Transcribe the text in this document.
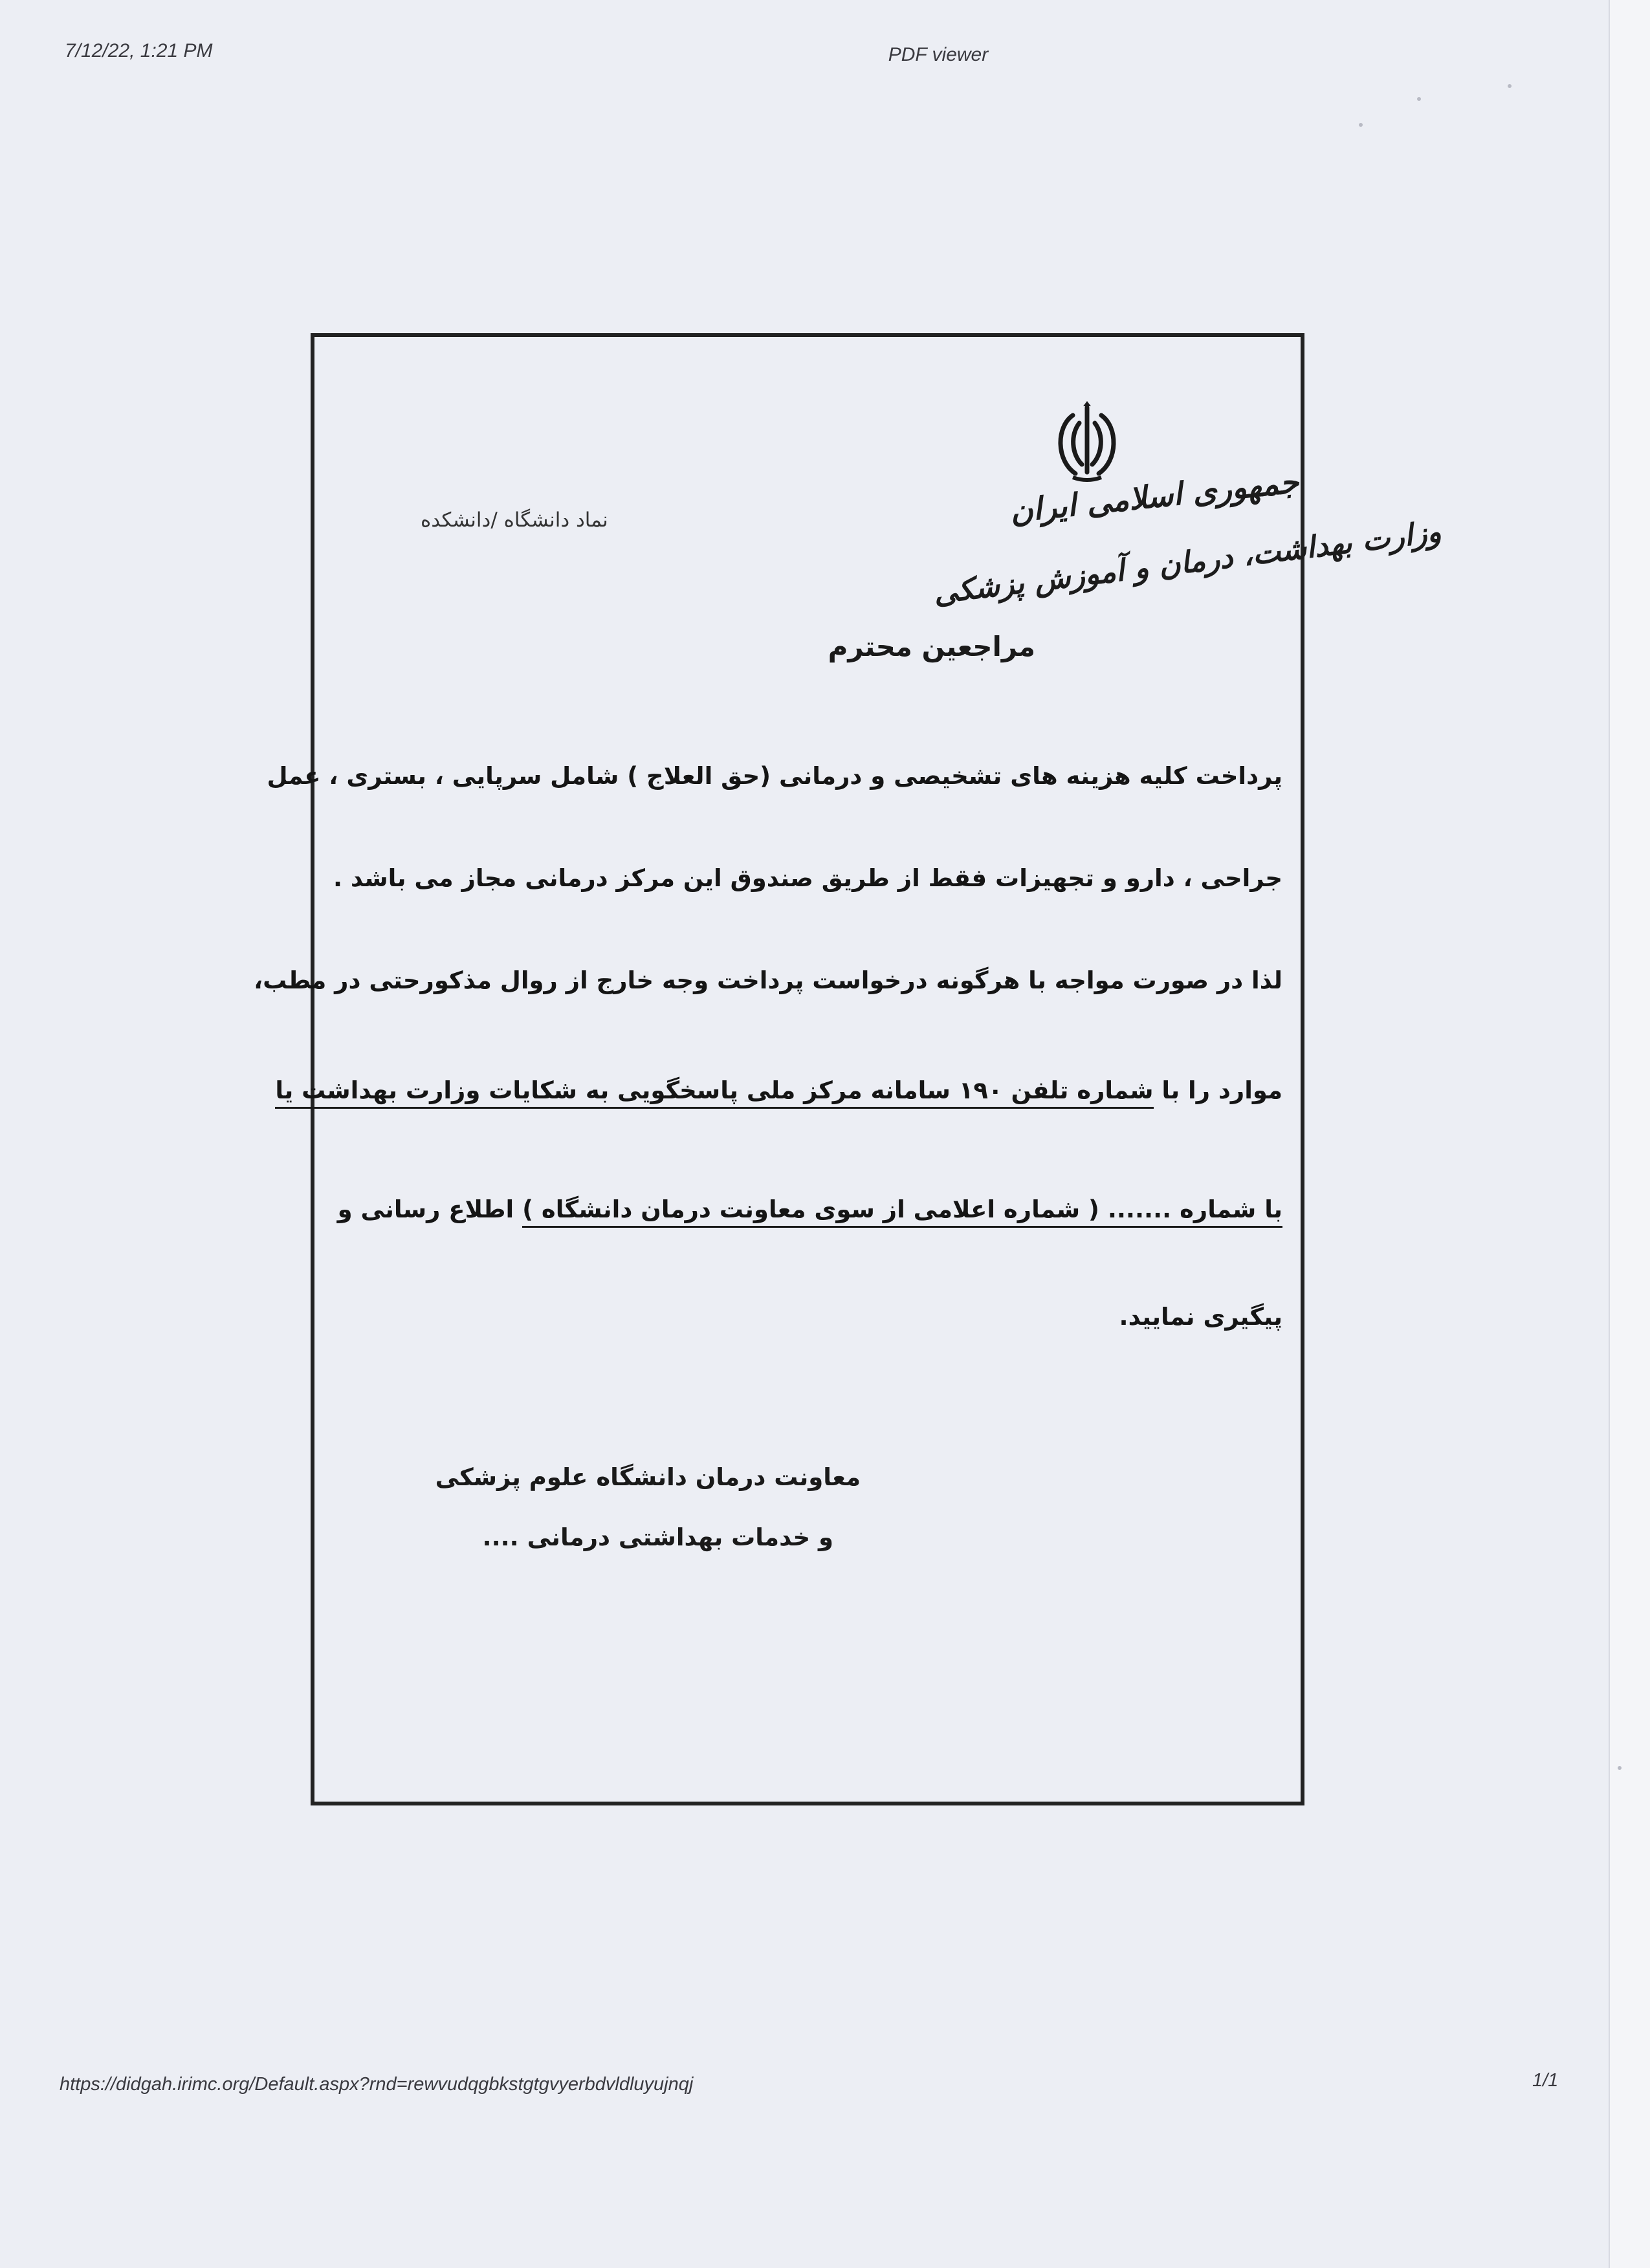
7/12/22, 1:21 PM	PDF viewer
جمهوری اسلامی ایران
وزارت بهداشت، درمان و آموزش پزشکی
نماد دانشگاه /دانشکده
مراجعین محترم
پرداخت کلیه هزینه های تشخیصی و درمانی (حق العلاج ) شامل سرپایی ، بستری ، عمل
جراحی ، دارو و تجهیزات فقط از طریق صندوق این مرکز درمانی مجاز می باشد .
لذا در صورت مواجه با هرگونه درخواست پرداخت وجه خارج از روال مذکورحتی در مطب،
موارد را با شماره تلفن ۱۹۰ سامانه مرکز ملی پاسخگویی به شکایات وزارت بهداشت یا
با شماره ....... ( شماره اعلامی از سوی معاونت درمان دانشگاه ) اطلاع رسانی و
پیگیری نمایید.
معاونت درمان دانشگاه علوم پزشکی
و خدمات بهداشتی درمانی ....
https://didgah.irimc.org/Default.aspx?rnd=rewvudqgbkstgtgvyerbdvldluyujnqj	1/1
